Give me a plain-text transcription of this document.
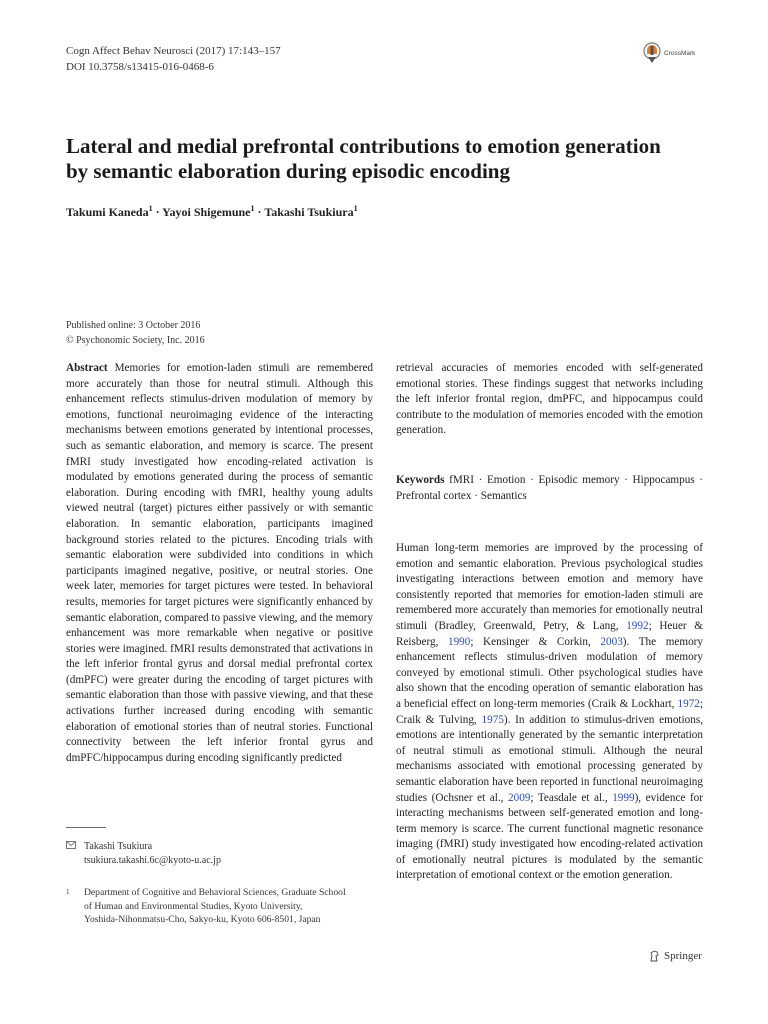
Cogn Affect Behav Neurosci (2017) 17:143–157
DOI 10.3758/s13415-016-0468-6
CrossMark
Lateral and medial prefrontal contributions to emotion generation by semantic elaboration during episodic encoding
Takumi Kaneda$^1$ · Yayoi Shigemune$^1$ · Takashi Tsukiura$^1$
Published online: 3 October 2016
© Psychonomic Society, Inc. 2016
Abstract Memories for emotion-laden stimuli are remembered more accurately than those for neutral stimuli. Although this enhancement reflects stimulus-driven modulation of memory by emotions, functional neuroimaging evidence of the interacting mechanisms between emotions generated by intentional processes, such as semantic elaboration, and memory is scarce. The present fMRI study investigated how encoding-related activation is modulated by emotions generated during the process of semantic elaboration. During encoding with fMRI, healthy young adults viewed neutral (target) pictures either passively or with semantic elaboration. In semantic elaboration, participants imagined background stories related to the pictures. Encoding trials with semantic elaboration were subdivided into conditions in which participants imagined negative, positive, or neutral stories. One week later, memories for target pictures were tested. In behavioral results, memories for target pictures were significantly enhanced by semantic elaboration, compared to passive viewing, and the memory enhancement was more remarkable when negative or positive stories were imagined. fMRI results demonstrated that activations in the left inferior frontal gyrus and dorsal medial prefrontal cortex (dmPFC) were greater during the encoding of target pictures with semantic elaboration than those with passive viewing, and that these activations further increased during encoding with semantic elaboration of emotional stories than of neutral stories. Functional connectivity between the left inferior frontal gyrus and dmPFC/hippocampus during encoding significantly predicted
retrieval accuracies of memories encoded with self-generated emotional stories. These findings suggest that networks including the left inferior frontal region, dmPFC, and hippocampus could contribute to the modulation of memories encoded with the emotion generation.
Keywords fMRI · Emotion · Episodic memory · Hippocampus · Prefrontal cortex · Semantics
Human long-term memories are improved by the processing of emotion and semantic elaboration. Previous psychological studies investigating interactions between emotion and memory have consistently reported that memories for emotion-laden stimuli are remembered more accurately than memories for emotionally neutral stimuli (Bradley, Greenwald, Petry, & Lang, 1992; Heuer & Reisberg, 1990; Kensinger & Corkin, 2003). The memory enhancement reflects stimulus-driven modulation of memory conveyed by emotional stimuli. Other psychological studies have also shown that the encoding operation of semantic elaboration has a beneficial effect on long-term memories (Craik & Lockhart, 1972; Craik & Tulving, 1975). In addition to stimulus-driven emotions, emotions are intentionally generated by the semantic interpretation of neutral stimuli as emotional stimuli. Although the neural mechanisms associated with emotional processing generated by semantic elaboration have been reported in functional neuroimaging studies (Ochsner et al., 2009; Teasdale et al., 1999), evidence for interacting mechanisms between self-generated emotion and long-term memory is scarce. The current functional magnetic resonance imaging (fMRI) study investigated how encoding-related activation of emotionally neutral pictures is modulated by the semantic interpretation of emotional context or the emotion generation.
Takashi Tsukiura
tsukiura.takashi.6c@kyoto-u.ac.jp
1 Department of Cognitive and Behavioral Sciences, Graduate School
of Human and Environmental Studies, Kyoto University,
Yoshida-Nihonmatsu-Cho, Sakyo-ku, Kyoto 606-8501, Japan
Springer
